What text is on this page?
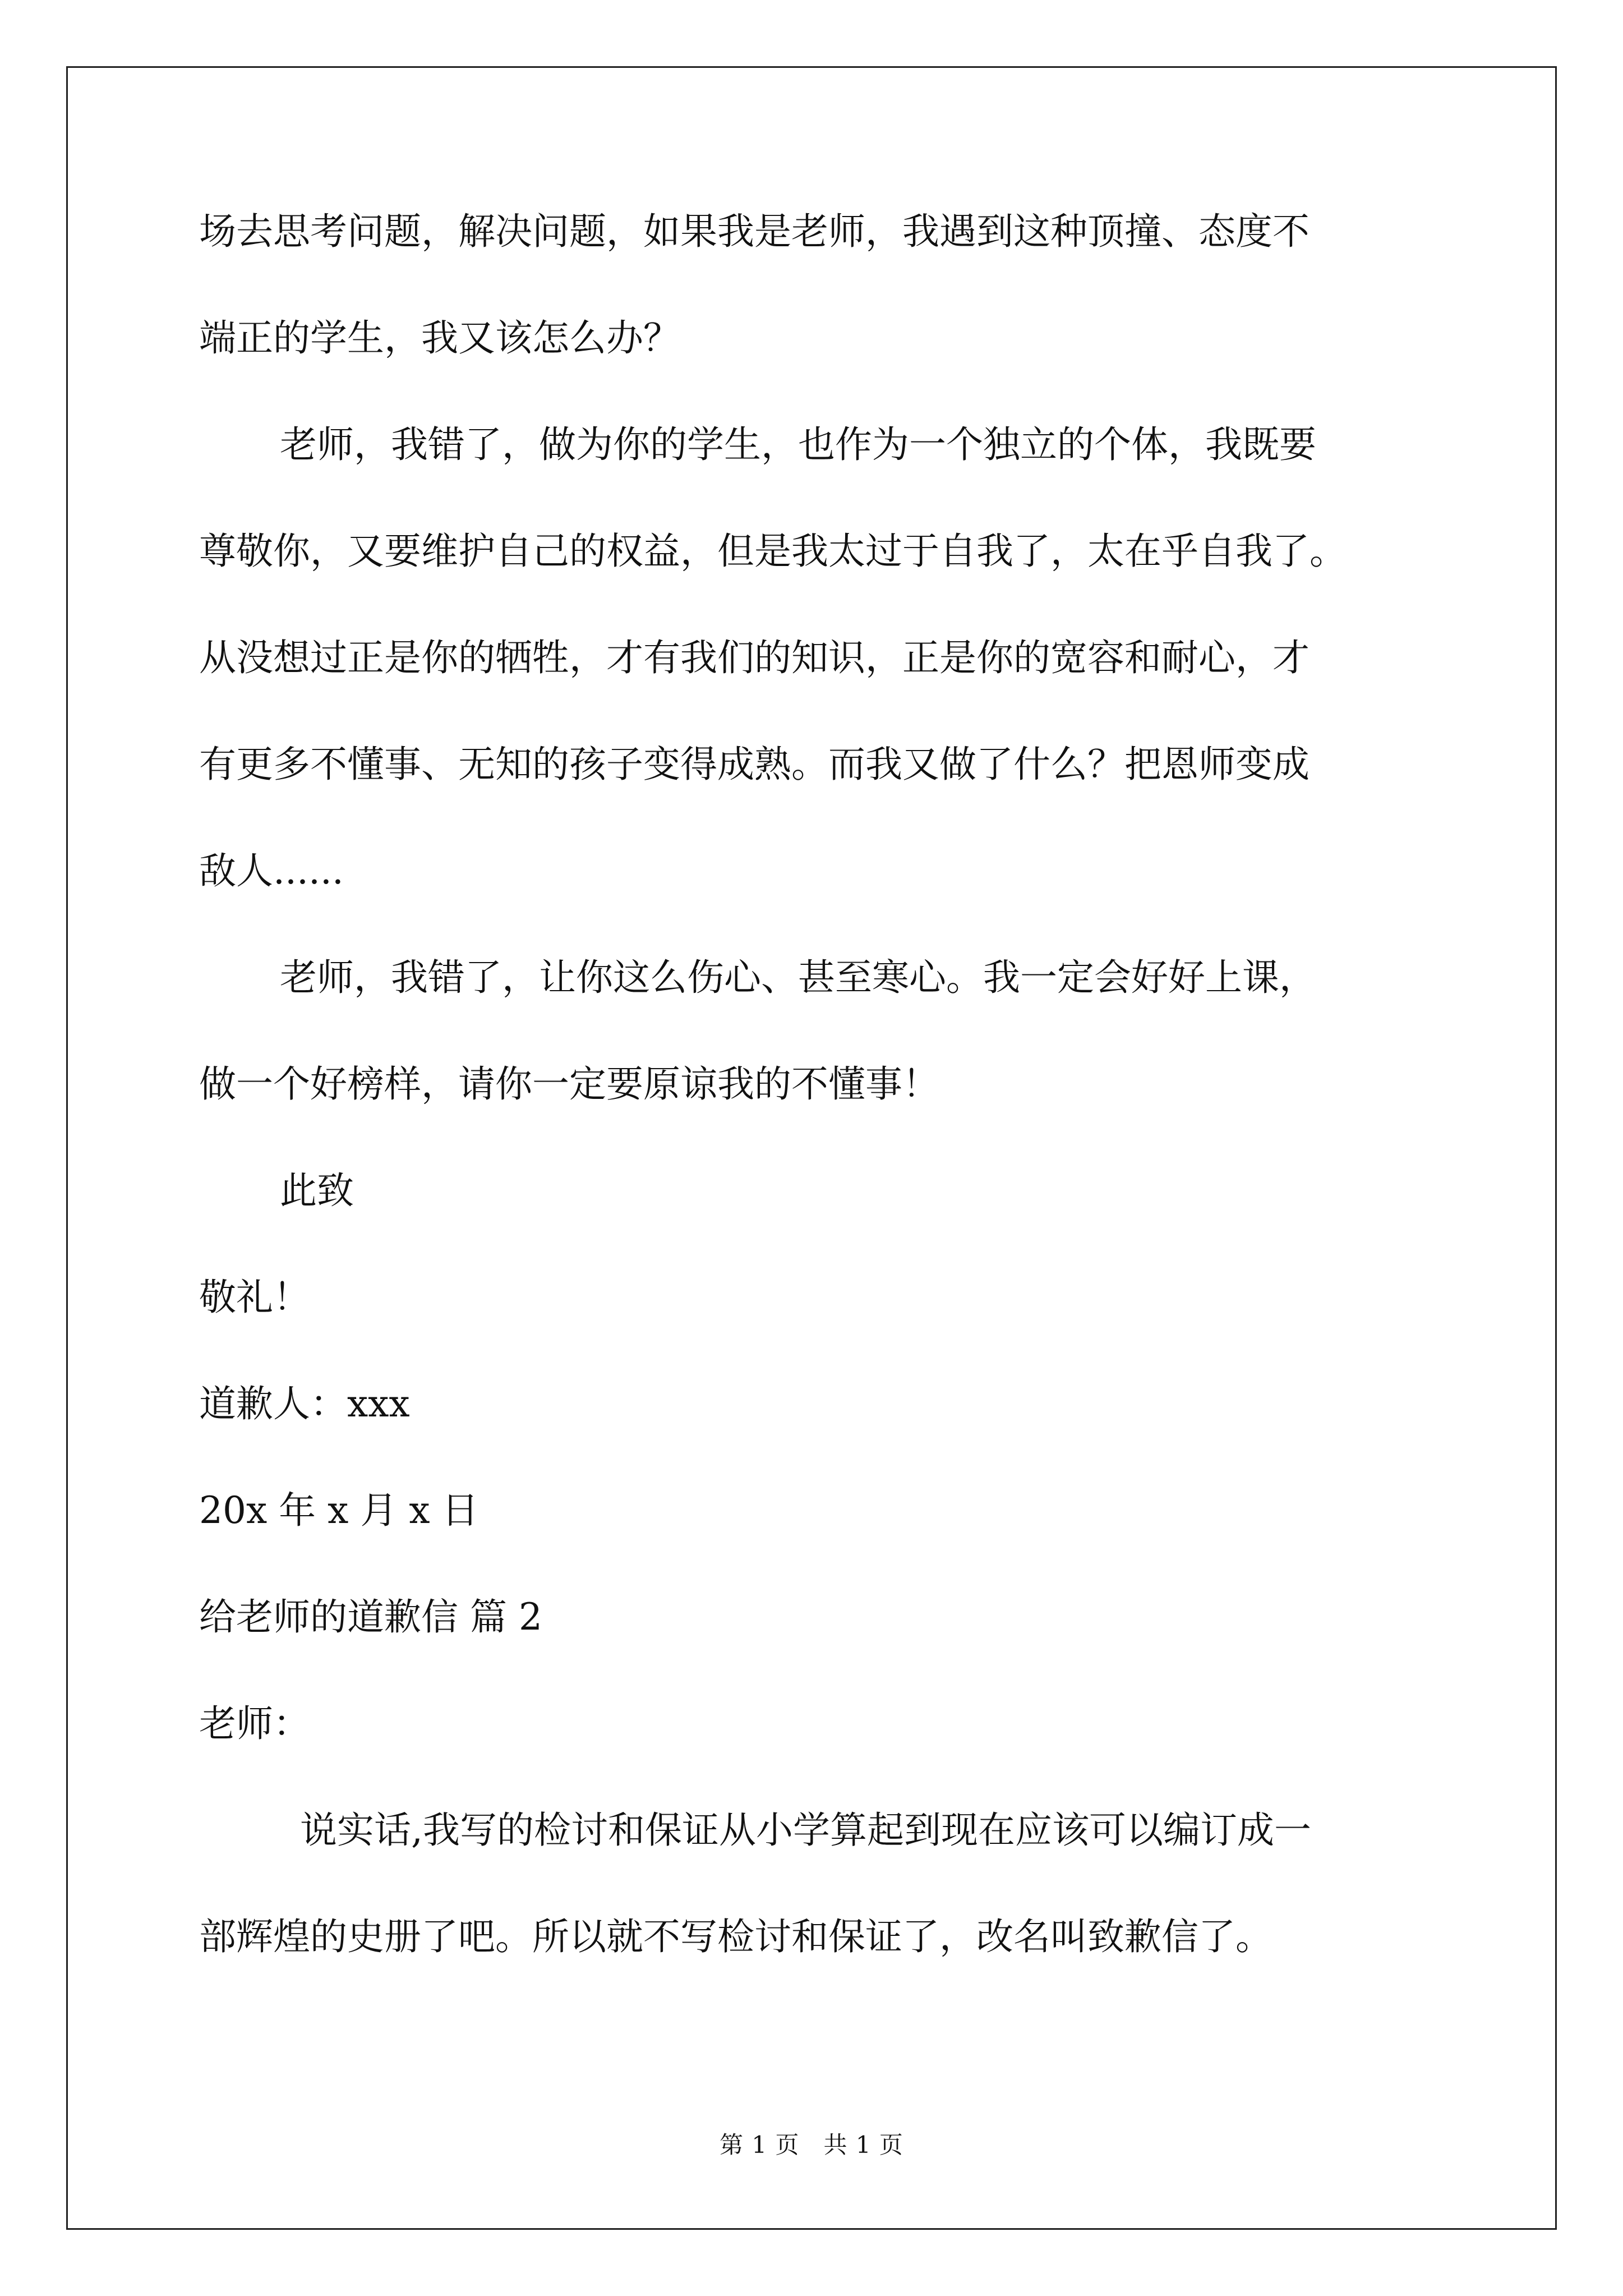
场去思考问题，解决问题，如果我是老师，我遇到这种顶撞、态度不

端正的学生，我又该怎么办？

老师，我错了，做为你的学生，也作为一个独立的个体，我既要

尊敬你，又要维护自己的权益，但是我太过于自我了，太在乎自我了。

从没想过正是你的牺牲，才有我们的知识，正是你的宽容和耐心，才

有更多不懂事、无知的孩子变得成熟。而我又做了什么？把恩师变成

敌人......

老师，我错了，让你这么伤心、甚至寒心。我一定会好好上课，

做一个好榜样，请你一定要原谅我的不懂事！

此致

敬礼！

道歉人：xxx

20x 年 x 月 x 日

给老师的道歉信 篇 2

老师：

说实话,我写的检讨和保证从小学算起到现在应该可以编订成一

部辉煌的史册了吧。所以就不写检讨和保证了，改名叫致歉信了。

第 1 页　共 1 页
